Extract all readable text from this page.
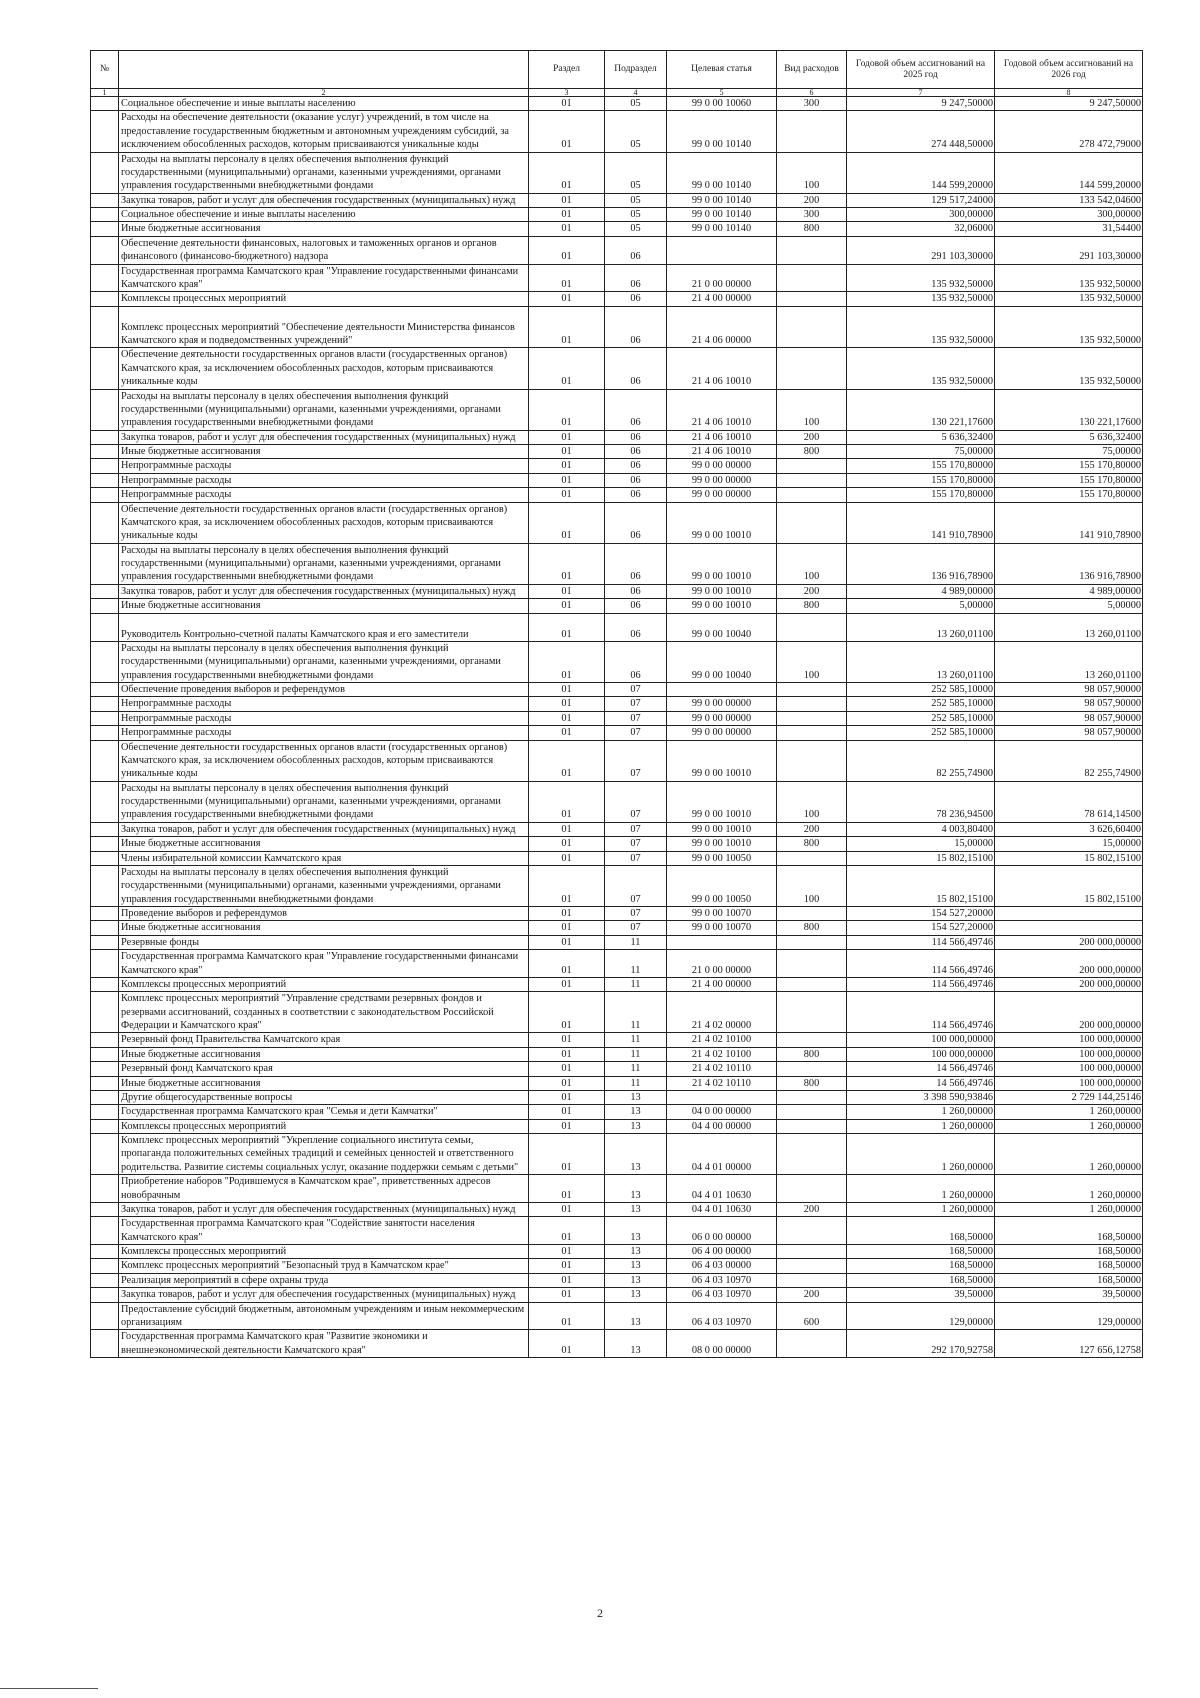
№		Раздел	Подраздел	Целевая статья	Вид расходов	Годовой объем ассигнований на 2025 год	Годовой объем ассигнований на 2026 год
1	2	3	4	5	6	7	8
	Социальное обеспечение и иные выплаты населению	01	05	99 0 00 10060	300	9 247,50000	9 247,50000
	Расходы на обеспечение деятельности (оказание услуг) учреждений, в том числе на предоставление государственным бюджетным и автономным учреждениям субсидий, за исключением обособленных расходов, которым присваиваются уникальные коды	01	05	99 0 00 10140		274 448,50000	278 472,79000
	Расходы на выплаты персоналу в целях обеспечения выполнения функций государственными (муниципальными) органами, казенными учреждениями, органами управления государственными внебюджетными фондами	01	05	99 0 00 10140	100	144 599,20000	144 599,20000
	Закупка товаров, работ и услуг для обеспечения государственных (муниципальных) нужд	01	05	99 0 00 10140	200	129 517,24000	133 542,04600
	Социальное обеспечение и иные выплаты населению	01	05	99 0 00 10140	300	300,00000	300,00000
	Иные бюджетные ассигнования	01	05	99 0 00 10140	800	32,06000	31,54400
	Обеспечение деятельности финансовых, налоговых и таможенных органов и органов финансового (финансово-бюджетного) надзора	01	06			291 103,30000	291 103,30000
	Государственная программа Камчатского края "Управление государственными финансами Камчатского края"	01	06	21 0 00 00000		135 932,50000	135 932,50000
	Комплексы процессных мероприятий	01	06	21 4 00 00000		135 932,50000	135 932,50000
	Комплекс процессных мероприятий "Обеспечение деятельности Министерства финансов Камчатского края и подведомственных учреждений"	01	06	21 4 06 00000		135 932,50000	135 932,50000
	Обеспечение деятельности государственных органов власти (государственных органов) Камчатского края, за исключением обособленных расходов, которым присваиваются уникальные коды	01	06	21 4 06 10010		135 932,50000	135 932,50000
	Расходы на выплаты персоналу в целях обеспечения выполнения функций государственными (муниципальными) органами, казенными учреждениями, органами управления государственными внебюджетными фондами	01	06	21 4 06 10010	100	130 221,17600	130 221,17600
	Закупка товаров, работ и услуг для обеспечения государственных (муниципальных) нужд	01	06	21 4 06 10010	200	5 636,32400	5 636,32400
	Иные бюджетные ассигнования	01	06	21 4 06 10010	800	75,00000	75,00000
	Непрограммные расходы	01	06	99 0 00 00000		155 170,80000	155 170,80000
	Непрограммные расходы	01	06	99 0 00 00000		155 170,80000	155 170,80000
	Непрограммные расходы	01	06	99 0 00 00000		155 170,80000	155 170,80000
	Обеспечение деятельности государственных органов власти (государственных органов) Камчатского края, за исключением обособленных расходов, которым присваиваются уникальные коды	01	06	99 0 00 10010		141 910,78900	141 910,78900
	Расходы на выплаты персоналу в целях обеспечения выполнения функций государственными (муниципальными) органами, казенными учреждениями, органами управления государственными внебюджетными фондами	01	06	99 0 00 10010	100	136 916,78900	136 916,78900
	Закупка товаров, работ и услуг для обеспечения государственных (муниципальных) нужд	01	06	99 0 00 10010	200	4 989,00000	4 989,00000
	Иные бюджетные ассигнования	01	06	99 0 00 10010	800	5,00000	5,00000
	Руководитель Контрольно-счетной палаты Камчатского края и его заместители	01	06	99 0 00 10040		13 260,01100	13 260,01100
	Расходы на выплаты персоналу в целях обеспечения выполнения функций государственными (муниципальными) органами, казенными учреждениями, органами управления государственными внебюджетными фондами	01	06	99 0 00 10040	100	13 260,01100	13 260,01100
	Обеспечение проведения выборов и референдумов	01	07			252 585,10000	98 057,90000
	Непрограммные расходы	01	07	99 0 00 00000		252 585,10000	98 057,90000
	Непрограммные расходы	01	07	99 0 00 00000		252 585,10000	98 057,90000
	Непрограммные расходы	01	07	99 0 00 00000		252 585,10000	98 057,90000
	Обеспечение деятельности государственных органов власти (государственных органов) Камчатского края, за исключением обособленных расходов, которым присваиваются уникальные коды	01	07	99 0 00 10010		82 255,74900	82 255,74900
	Расходы на выплаты персоналу в целях обеспечения выполнения функций государственными (муниципальными) органами, казенными учреждениями, органами управления государственными внебюджетными фондами	01	07	99 0 00 10010	100	78 236,94500	78 614,14500
	Закупка товаров, работ и услуг для обеспечения государственных (муниципальных) нужд	01	07	99 0 00 10010	200	4 003,80400	3 626,60400
	Иные бюджетные ассигнования	01	07	99 0 00 10010	800	15,00000	15,00000
	Члены избирательной комиссии Камчатского края	01	07	99 0 00 10050		15 802,15100	15 802,15100
	Расходы на выплаты персоналу в целях обеспечения выполнения функций государственными (муниципальными) органами, казенными учреждениями, органами управления государственными внебюджетными фондами	01	07	99 0 00 10050	100	15 802,15100	15 802,15100
	Проведение выборов и референдумов	01	07	99 0 00 10070		154 527,20000	
	Иные бюджетные ассигнования	01	07	99 0 00 10070	800	154 527,20000	
	Резервные фонды	01	11			114 566,49746	200 000,00000
	Государственная программа Камчатского края "Управление государственными финансами Камчатского края"	01	11	21 0 00 00000		114 566,49746	200 000,00000
	Комплексы процессных мероприятий	01	11	21 4 00 00000		114 566,49746	200 000,00000
	Комплекс процессных мероприятий "Управление средствами резервных фондов и резервами ассигнований, созданных в соответствии с законодательством Российской Федерации и Камчатского края"	01	11	21 4 02 00000		114 566,49746	200 000,00000
	Резервный фонд Правительства Камчатского края	01	11	21 4 02 10100		100 000,00000	100 000,00000
	Иные бюджетные ассигнования	01	11	21 4 02 10100	800	100 000,00000	100 000,00000
	Резервный фонд Камчатского края	01	11	21 4 02 10110		14 566,49746	100 000,00000
	Иные бюджетные ассигнования	01	11	21 4 02 10110	800	14 566,49746	100 000,00000
	Другие общегосударственные вопросы	01	13			3 398 590,93846	2 729 144,25146
	Государственная программа Камчатского края "Семья и дети Камчатки"	01	13	04 0 00 00000		1 260,00000	1 260,00000
	Комплексы процессных мероприятий	01	13	04 4 00 00000		1 260,00000	1 260,00000
	Комплекс процессных мероприятий "Укрепление социального института семьи, пропаганда положительных семейных традиций и семейных ценностей и ответственного родительства. Развитие системы социальных услуг, оказание поддержки семьям с детьми"	01	13	04 4 01 00000		1 260,00000	1 260,00000
	Приобретение наборов "Родившемуся в Камчатском крае", приветственных адресов новобрачным	01	13	04 4 01 10630		1 260,00000	1 260,00000
	Закупка товаров, работ и услуг для обеспечения государственных (муниципальных) нужд	01	13	04 4 01 10630	200	1 260,00000	1 260,00000
	Государственная программа Камчатского края "Содействие занятости населения Камчатского края"	01	13	06 0 00 00000		168,50000	168,50000
	Комплексы процессных мероприятий	01	13	06 4 00 00000		168,50000	168,50000
	Комплекс процессных мероприятий "Безопасный труд в Камчатском крае"	01	13	06 4 03 00000		168,50000	168,50000
	Реализация мероприятий в сфере охраны труда	01	13	06 4 03 10970		168,50000	168,50000
	Закупка товаров, работ и услуг для обеспечения государственных (муниципальных) нужд	01	13	06 4 03 10970	200	39,50000	39,50000
	Предоставление субсидий бюджетным, автономным учреждениям и иным некоммерческим организациям	01	13	06 4 03 10970	600	129,00000	129,00000
	Государственная программа Камчатского края "Развитие экономики и внешнеэкономической деятельности Камчатского края"	01	13	08 0 00 00000		292 170,92758	127 656,12758
2
